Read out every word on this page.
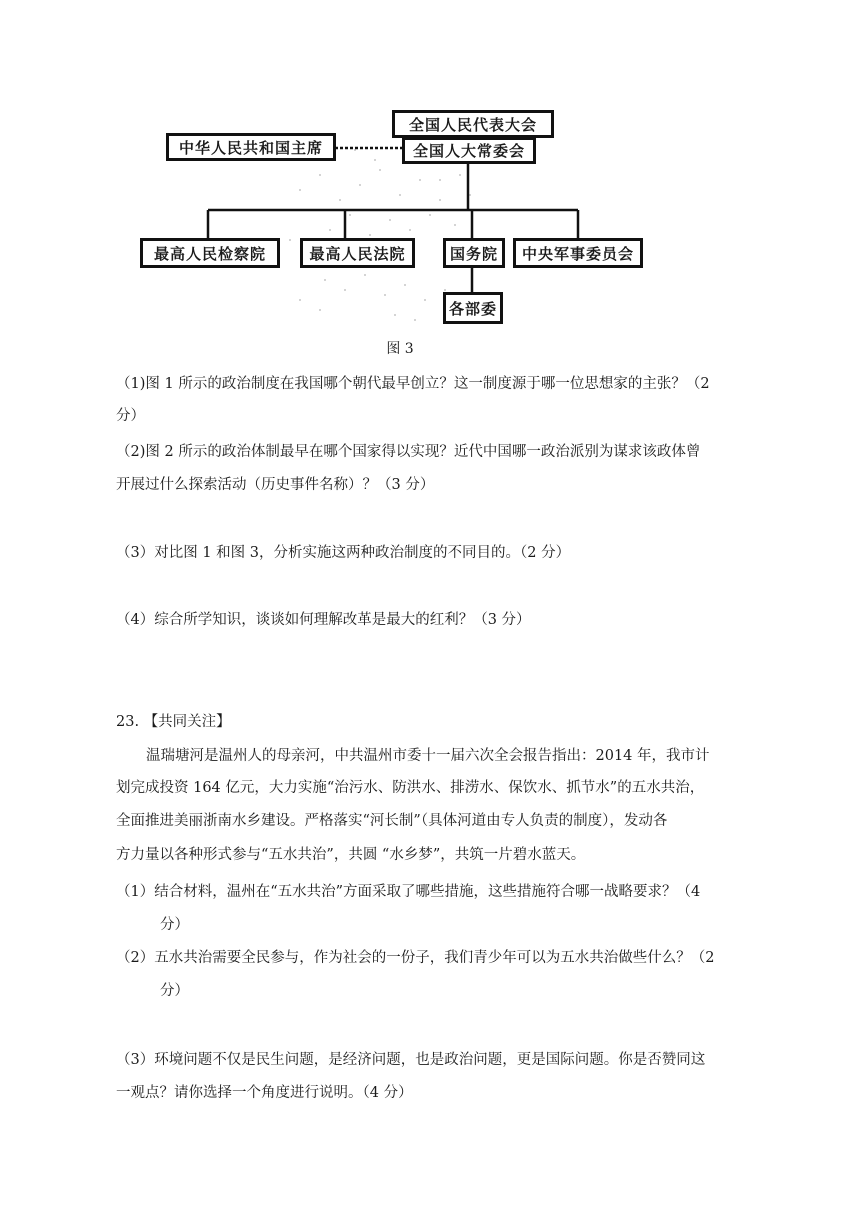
全国人民代表大会
全国人大常委会
中华人民共和国主席
最高人民检察院	最高人民法院	国务院	中央军事委员会
各部委
图 3
（1)图 1 所示的政治制度在我国哪个朝代最早创立？这一制度源于哪一位思想家的主张？（2
分）
（2)图 2 所示的政治体制最早在哪个国家得以实现？近代中国哪一政治派别为谋求该政体曾
开展过什么探索活动（历史事件名称）？（3 分）
（3）对比图 1 和图 3，分析实施这两种政治制度的不同目的。（2 分）
（4）综合所学知识，谈谈如何理解改革是最大的红利？（3 分）
23. 【共同关注】
温瑞塘河是温州人的母亲河，中共温州市委十一届六次全会报告指出：2014 年，我市计
划完成投资 164 亿元，大力实施“治污水、防洪水、排涝水、保饮水、抓节水”的五水共治，
全面推进美丽浙南水乡建设。严格落实“河长制”（具体河道由专人负责的制度），发动各
方力量以各种形式参与“五水共治”，共圆 “水乡梦”，共筑一片碧水蓝天。
（1）结合材料，温州在“五水共治”方面采取了哪些措施，这些措施符合哪一战略要求？（4
分）
（2）五水共治需要全民参与，作为社会的一份子，我们青少年可以为五水共治做些什么？（2
分）
（3）环境问题不仅是民生问题，是经济问题，也是政治问题，更是国际问题。你是否赞同这
一观点？请你选择一个角度进行说明。（4 分）
